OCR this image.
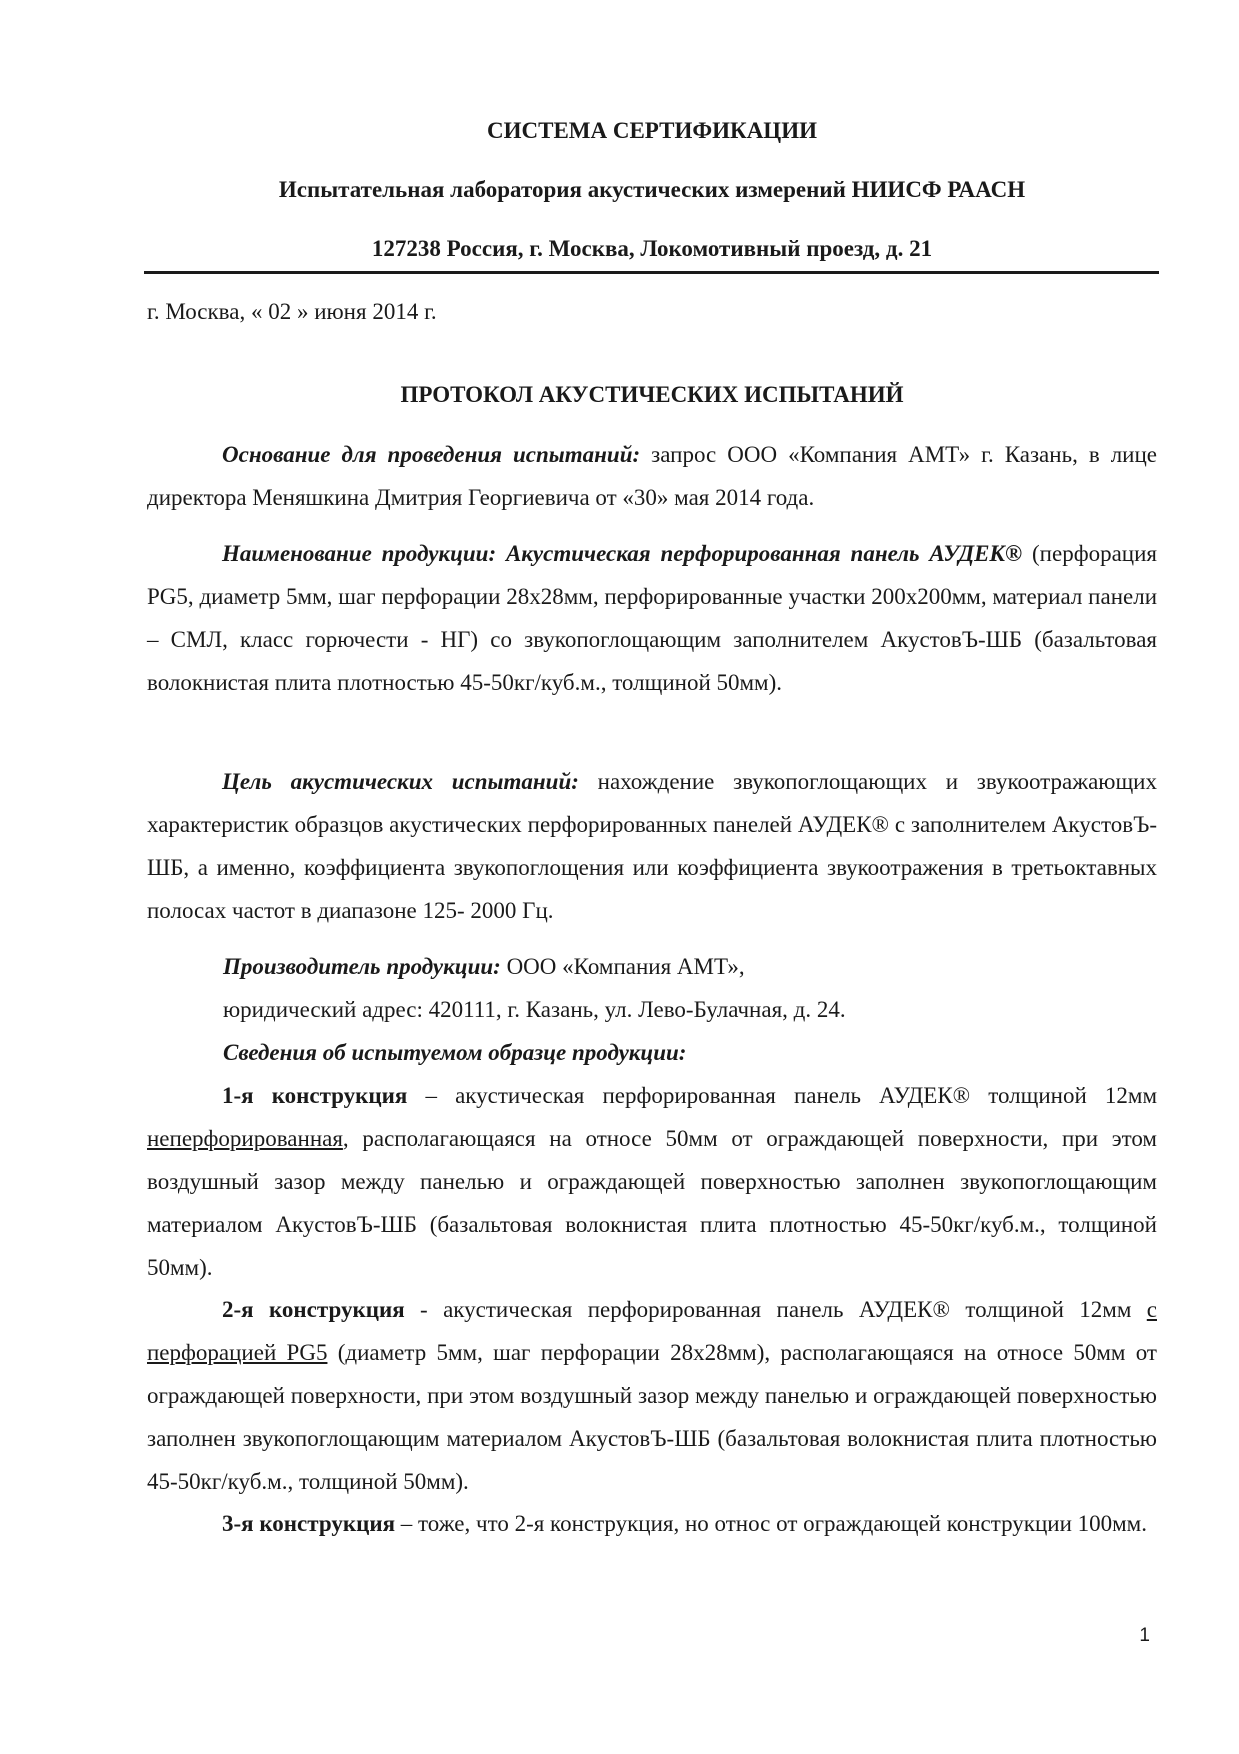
СИСТЕМА СЕРТИФИКАЦИИ
Испытательная лаборатория акустических измерений НИИСФ РААСН
127238 Россия, г. Москва, Локомотивный проезд, д. 21
г. Москва, « 02 » июня 2014 г.
ПРОТОКОЛ АКУСТИЧЕСКИХ ИСПЫТАНИЙ
Основание для проведения испытаний: запрос ООО «Компания АМТ» г. Казань, в лице директора Меняшкина Дмитрия Георгиевича от «30» мая 2014 года.
Наименование продукции: Акустическая перфорированная панель АУДЕК® (перфорация PG5, диаметр 5мм, шаг перфорации 28х28мм, перфорированные участки 200х200мм, материал панели – СМЛ, класс горючести - НГ) со звукопоглощающим заполнителем АкустовЪ-ШБ (базальтовая волокнистая плита плотностью 45-50кг/куб.м., толщиной 50мм).
Цель акустических испытаний: нахождение звукопоглощающих и звукоотражающих характеристик образцов акустических перфорированных панелей АУДЕК® с заполнителем АкустовЪ-ШБ, а именно, коэффициента звукопоглощения или коэффициента звукоотражения в третьоктавных полосах частот в диапазоне 125- 2000 Гц.
Производитель продукции: ООО «Компания АМТ»,
юридический адрес: 420111, г. Казань, ул. Лево-Булачная, д. 24.
Сведения об испытуемом образце продукции:
1-я конструкция – акустическая перфорированная панель АУДЕК® толщиной 12мм неперфорированная, располагающаяся на относе 50мм от ограждающей поверхности, при этом воздушный зазор между панелью и ограждающей поверхностью заполнен звукопоглощающим материалом АкустовЪ-ШБ (базальтовая волокнистая плита плотностью 45-50кг/куб.м., толщиной 50мм).
2-я конструкция - акустическая перфорированная панель АУДЕК® толщиной 12мм с перфорацией PG5 (диаметр 5мм, шаг перфорации 28х28мм), располагающаяся на относе 50мм от ограждающей поверхности, при этом воздушный зазор между панелью и ограждающей поверхностью заполнен звукопоглощающим материалом АкустовЪ-ШБ (базальтовая волокнистая плита плотностью 45-50кг/куб.м., толщиной 50мм).
3-я конструкция – тоже, что 2-я конструкция, но относ от ограждающей конструкции 100мм.
1
